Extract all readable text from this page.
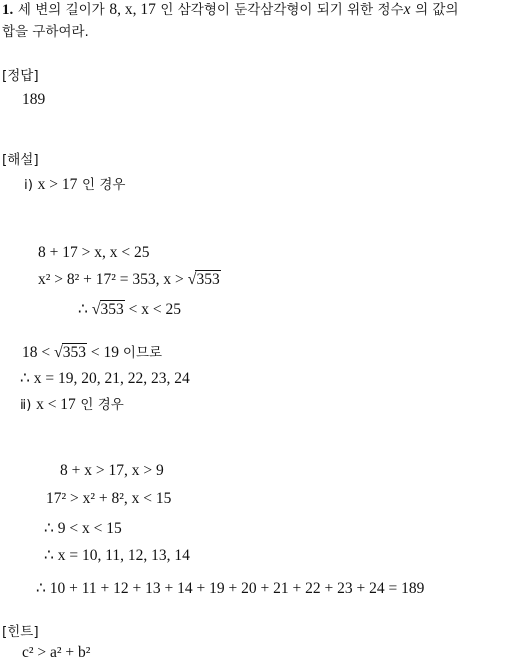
1. 세 변의 길이가 8, x, 17 인 삼각형이 둔각삼각형이 되기 위한 정수x 의 값의
합을 구하여라.
[정답]
189
[해설]
ⅰ) x > 17 인 경우
8 + 17 > x, x < 25
x² > 8² + 17² = 353, x > √353
∴ √353 < x < 25
18 < √353 < 19 이므로
∴ x = 19, 20, 21, 22, 23, 24
ⅱ) x < 17 인 경우
8 + x > 17, x > 9
17² > x² + 8², x < 15
∴ 9 < x < 15
∴ x = 10, 11, 12, 13, 14
∴ 10 + 11 + 12 + 13 + 14 + 19 + 20 + 21 + 22 + 23 + 24 = 189
[힌트]
c² > a² + b²
